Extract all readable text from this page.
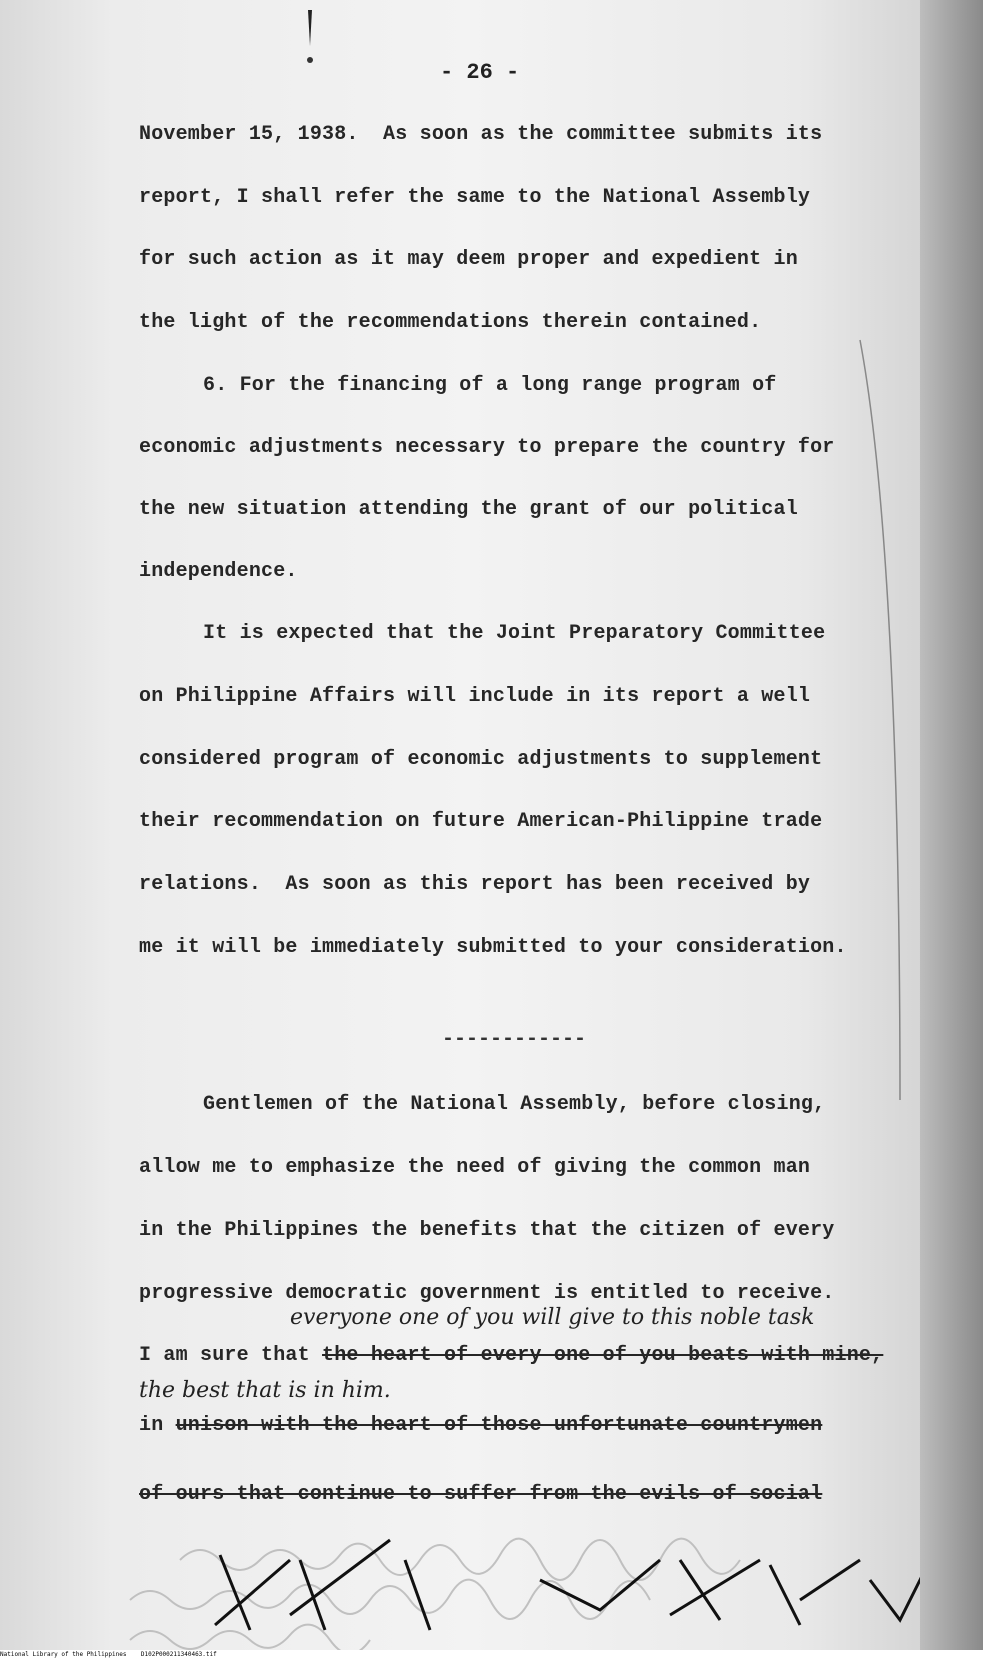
- 26 -
November 15, 1938.  As soon as the committee submits its
report, I shall refer the same to the National Assembly
for such action as it may deem proper and expedient in
the light of the recommendations therein contained.
6. For the financing of a long range program of
economic adjustments necessary to prepare the country for
the new situation attending the grant of our political
independence.
It is expected that the Joint Preparatory Committee
on Philippine Affairs will include in its report a well
considered program of economic adjustments to supplement
their recommendation on future American-Philippine trade
relations.  As soon as this report has been received by
me it will be immediately submitted to your consideration.
------------
Gentlemen of the National Assembly, before closing,
allow me to emphasize the need of giving the common man
in the Philippines the benefits that the citizen of every
progressive democratic government is entitled to receive.
everyone one of you will give to this noble task
I am sure that the heart of every one of you beats with mine,
the best that is in him.
in unison with the heart of those unfortunate countrymen
of ours that continue to suffer from the evils of social
National Library of the Philippines    D102P000211340463.tif
